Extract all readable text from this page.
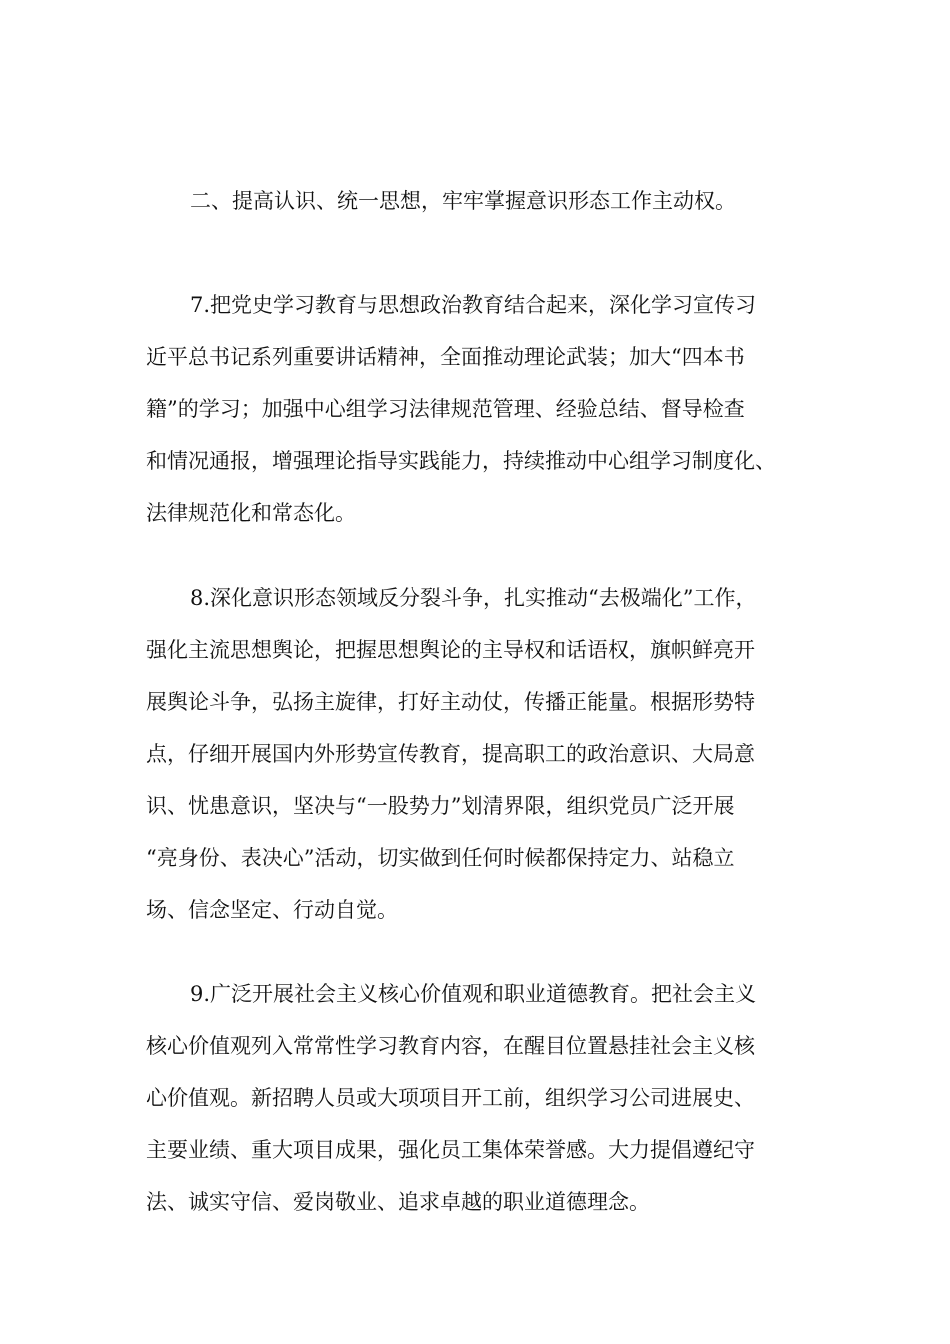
二、提高认识、统一思想，牢牢掌握意识形态工作主动权。
7.把党史学习教育与思想政治教育结合起来，深化学习宣传习
近平总书记系列重要讲话精神，全面推动理论武装；加大“四本书
籍”的学习；加强中心组学习法律规范管理、经验总结、督导检查
和情况通报，增强理论指导实践能力，持续推动中心组学习制度化、
法律规范化和常态化。
8.深化意识形态领域反分裂斗争，扎实推动“去极端化”工作，
强化主流思想舆论，把握思想舆论的主导权和话语权，旗帜鲜亮开
展舆论斗争，弘扬主旋律，打好主动仗，传播正能量。根据形势特
点，仔细开展国内外形势宣传教育，提高职工的政治意识、大局意
识、忧患意识，坚决与“一股势力”划清界限，组织党员广泛开展
“亮身份、表决心”活动，切实做到任何时候都保持定力、站稳立
场、信念坚定、行动自觉。
9.广泛开展社会主义核心价值观和职业道德教育。把社会主义
核心价值观列入常常性学习教育内容，在醒目位置悬挂社会主义核
心价值观。新招聘人员或大项项目开工前，组织学习公司进展史、
主要业绩、重大项目成果，强化员工集体荣誉感。大力提倡遵纪守
法、诚实守信、爱岗敬业、追求卓越的职业道德理念。
